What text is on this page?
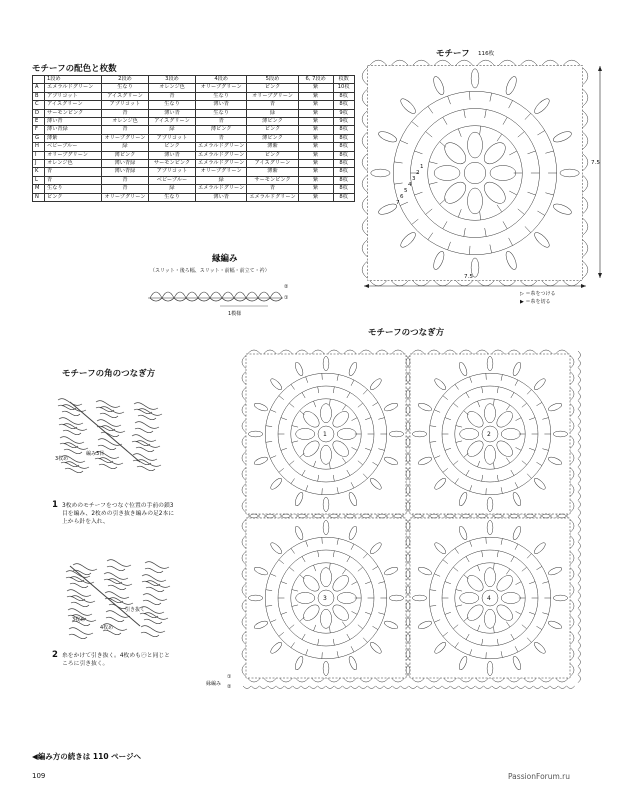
モチーフの配色と枚数
	1段め	2段め	3段め	4段め	5段め	6, 7段め	枚数
A	エメラルドグリーン	生なり	オレンジ色	オリーブグリーン	ピンク	紫	10枚
B	アプリコット	アイスグリーン	青	生なり	オリーブグリーン	紫	8枚
C	アイスグリーン	アプリコット	生なり	薄い青	青	紫	8枚
D	サーモンピンク	青	薄い青	生なり	緑	紫	9枚
E	薄い青	オレンジ色	アイスグリーン	青	薄ピンク	紫	9枚
F	薄い青緑	青	緑	薄ピンク	ピンク	紫	8枚
G	薄紫	オリーブグリーン	アプリコット	青	薄ピンク	紫	8枚
H	ベビーブルー	緑	ピンク	エメラルドグリーン	薄紫	紫	8枚
I	オリーブグリーン	薄ピンク	薄い青	エメラルドグリーン	ピンク	紫	8枚
J	オレンジ色	薄い青緑	サーモンピンク	エメラルドグリーン	アイスグリーン	紫	8枚
K	青	薄い青緑	アプリコット	オリーブグリーン	薄紫	紫	8枚
L	青	青	ベビーブルー	緑	サーモンピンク	紫	8枚
M	生なり	青	緑	エメラルドグリーン	青	紫	8枚
N	ピンク	オリーブグリーン	生なり	薄い青	エメラルドグリーン	紫	8枚
モチーフ 116枚
1
2
3
4
5
6
7
7.5
7.5
▷ ＝糸をつける
▶ ＝糸を切る
縁編み
（スリット・後ろ幅、スリット・前幅・前立て・衿）
②
①
1模様
モチーフの角のつなぎ方
3枚め
編み3目
1 3枚めのモチーフをつなぐ位置の手前の鎖3目を編み、2枚めの引き抜き編みの足2本に上から針を入れ、
3枚め
引き抜く
4枚め
2 糸をかけて引き抜く。4枚めも㋩と同じところに引き抜く。
モチーフのつなぎ方
1	2
3	4
縁編み
①
②
◀編み方の続きは 110 ページへ
109	PassionForum.ru
